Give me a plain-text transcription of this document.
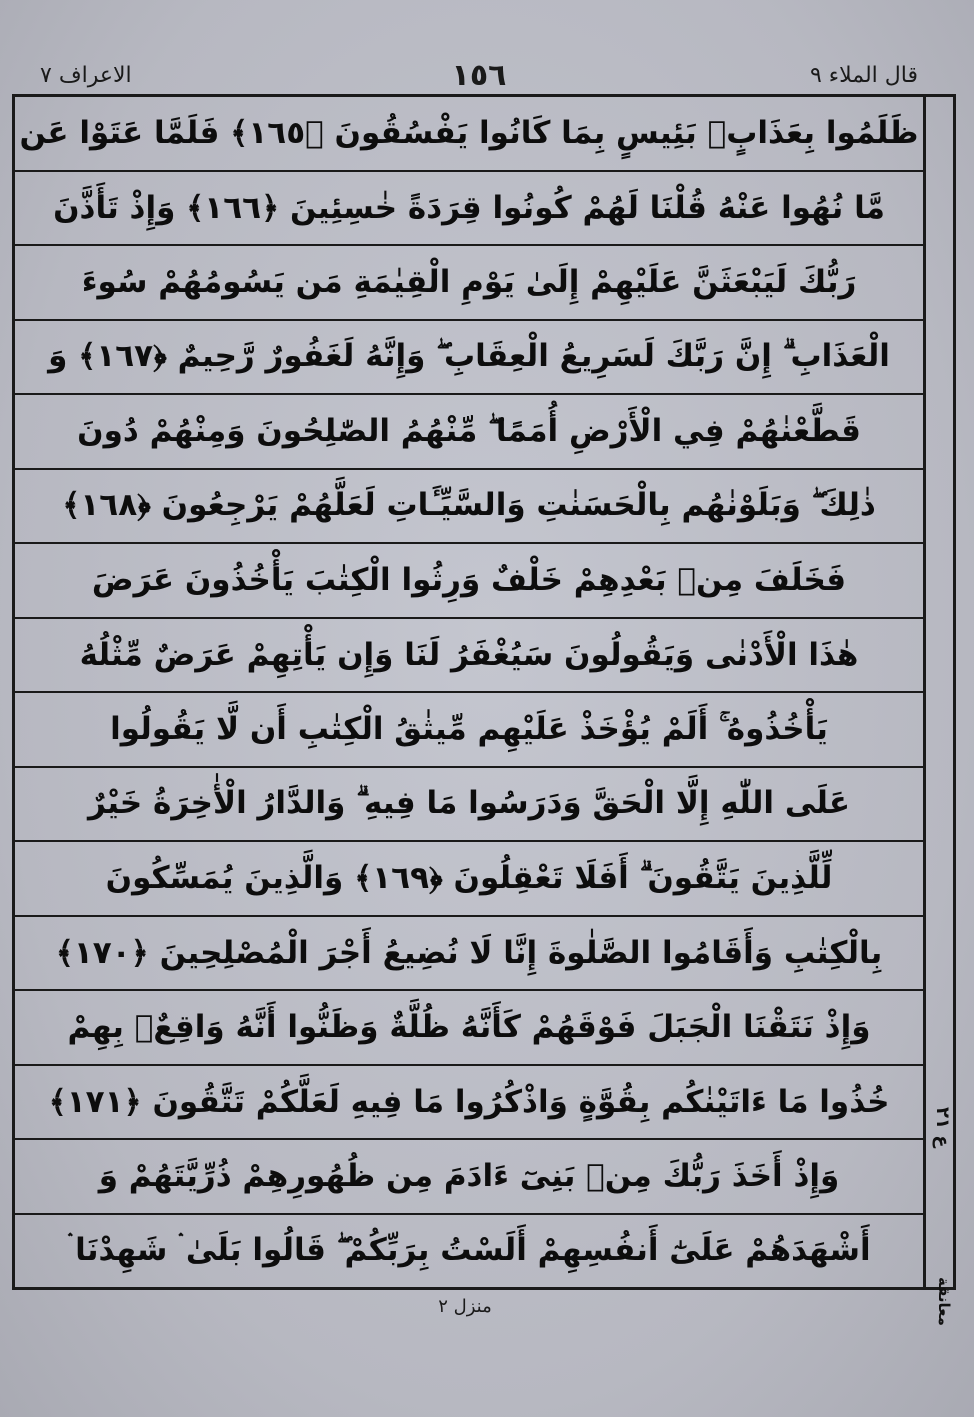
قال الملاء ٩
١٥٦
الاعراف ٧
ظَلَمُوا بِعَذَابٍۭ بَئِيسٍ بِمَا كَانُوا يَفْسُقُونَ ﴿١٦٥﴾ فَلَمَّا عَتَوْا عَن
مَّا نُهُوا عَنْهُ قُلْنَا لَهُمْ كُونُوا قِرَدَةً خٰسِئِينَ ﴿١٦٦﴾ وَإِذْ تَأَذَّنَ
رَبُّكَ لَيَبْعَثَنَّ عَلَيْهِمْ إِلَىٰ يَوْمِ الْقِيٰمَةِ مَن يَسُومُهُمْ سُوءَ
الْعَذَابِ ۗ إِنَّ رَبَّكَ لَسَرِيعُ الْعِقَابِ ۖ وَإِنَّهُ لَغَفُورٌ رَّحِيمٌ ﴿١٦٧﴾ وَ
قَطَّعْنٰهُمْ فِي الْأَرْضِ أُمَمًا ۖ مِّنْهُمُ الصّٰلِحُونَ وَمِنْهُمْ دُونَ
ذٰلِكَ ۖ وَبَلَوْنٰهُم بِالْحَسَنٰتِ وَالسَّيِّـَٔاتِ لَعَلَّهُمْ يَرْجِعُونَ ﴿١٦٨﴾
فَخَلَفَ مِنۢ بَعْدِهِمْ خَلْفٌ وَرِثُوا الْكِتٰبَ يَأْخُذُونَ عَرَضَ
هٰذَا الْأَدْنٰى وَيَقُولُونَ سَيُغْفَرُ لَنَا وَإِن يَأْتِهِمْ عَرَضٌ مِّثْلُهُ
يَأْخُذُوهُ ۚ أَلَمْ يُؤْخَذْ عَلَيْهِم مِّيثٰقُ الْكِتٰبِ أَن لَّا يَقُولُوا
عَلَى اللّٰهِ إِلَّا الْحَقَّ وَدَرَسُوا مَا فِيهِ ۗ وَالدَّارُ الْأٰخِرَةُ خَيْرٌ
لِّلَّذِينَ يَتَّقُونَ ۗ أَفَلَا تَعْقِلُونَ ﴿١٦٩﴾ وَالَّذِينَ يُمَسِّكُونَ
بِالْكِتٰبِ وَأَقَامُوا الصَّلٰوةَ إِنَّا لَا نُضِيعُ أَجْرَ الْمُصْلِحِينَ ﴿١٧٠﴾
وَإِذْ نَتَقْنَا الْجَبَلَ فَوْقَهُمْ كَأَنَّهُ ظُلَّةٌ وَظَنُّوا أَنَّهُ وَاقِعٌۢ بِهِمْ
خُذُوا مَا ءَاتَيْنٰكُم بِقُوَّةٍ وَاذْكُرُوا مَا فِيهِ لَعَلَّكُمْ تَتَّقُونَ ﴿١٧١﴾
وَإِذْ أَخَذَ رَبُّكَ مِنۢ بَنِىٓ ءَادَمَ مِن ظُهُورِهِمْ ذُرِّيَّتَهُمْ وَ
أَشْهَدَهُمْ عَلَىٰٓ أَنفُسِهِمْ أَلَسْتُ بِرَبِّكُمْ ۖ قَالُوا بَلَىٰ ۛ شَهِدْنَا ۛ
ع ٢١
معانقة
منزل ٢
